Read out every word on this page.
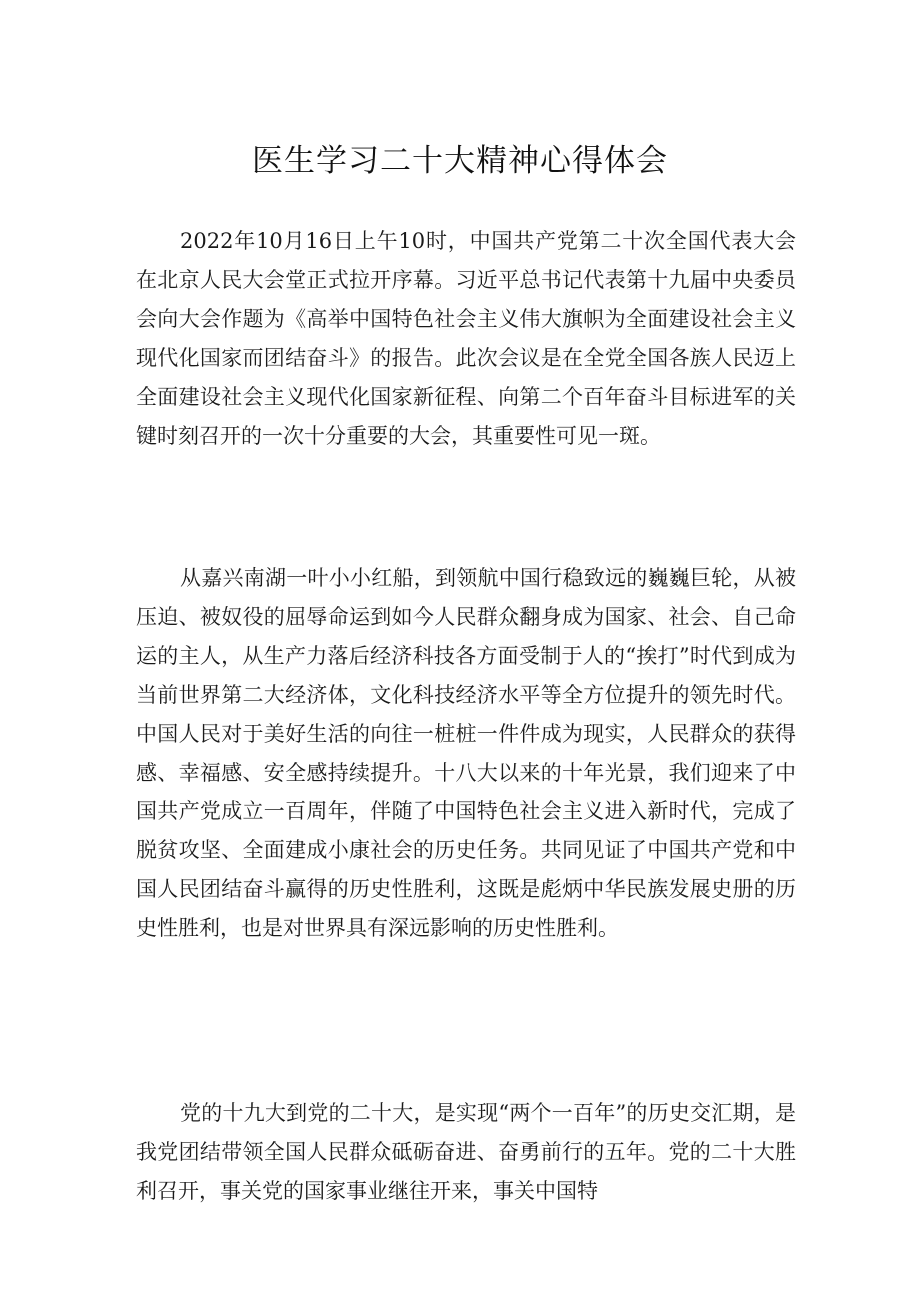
医生学习二十大精神心得体会

2022年10月16日上午10时，中国共产党第二十次全国代表大会在北京人民大会堂正式拉开序幕。习近平总书记代表第十九届中央委员会向大会作题为《高举中国特色社会主义伟大旗帜为全面建设社会主义现代化国家而团结奋斗》的报告。此次会议是在全党全国各族人民迈上全面建设社会主义现代化国家新征程、向第二个百年奋斗目标进军的关键时刻召开的一次十分重要的大会，其重要性可见一斑。

从嘉兴南湖一叶小小红船，到领航中国行稳致远的巍巍巨轮，从被压迫、被奴役的屈辱命运到如今人民群众翻身成为国家、社会、自己命运的主人，从生产力落后经济科技各方面受制于人的“挨打”时代到成为当前世界第二大经济体，文化科技经济水平等全方位提升的领先时代。中国人民对于美好生活的向往一桩桩一件件成为现实，人民群众的获得感、幸福感、安全感持续提升。十八大以来的十年光景，我们迎来了中国共产党成立一百周年，伴随了中国特色社会主义进入新时代，完成了脱贫攻坚、全面建成小康社会的历史任务。共同见证了中国共产党和中国人民团结奋斗赢得的历史性胜利，这既是彪炳中华民族发展史册的历史性胜利，也是对世界具有深远影响的历史性胜利。

党的十九大到党的二十大，是实现“两个一百年”的历史交汇期，是我党团结带领全国人民群众砥砺奋进、奋勇前行的五年。党的二十大胜利召开，事关党的国家事业继往开来，事关中国特
